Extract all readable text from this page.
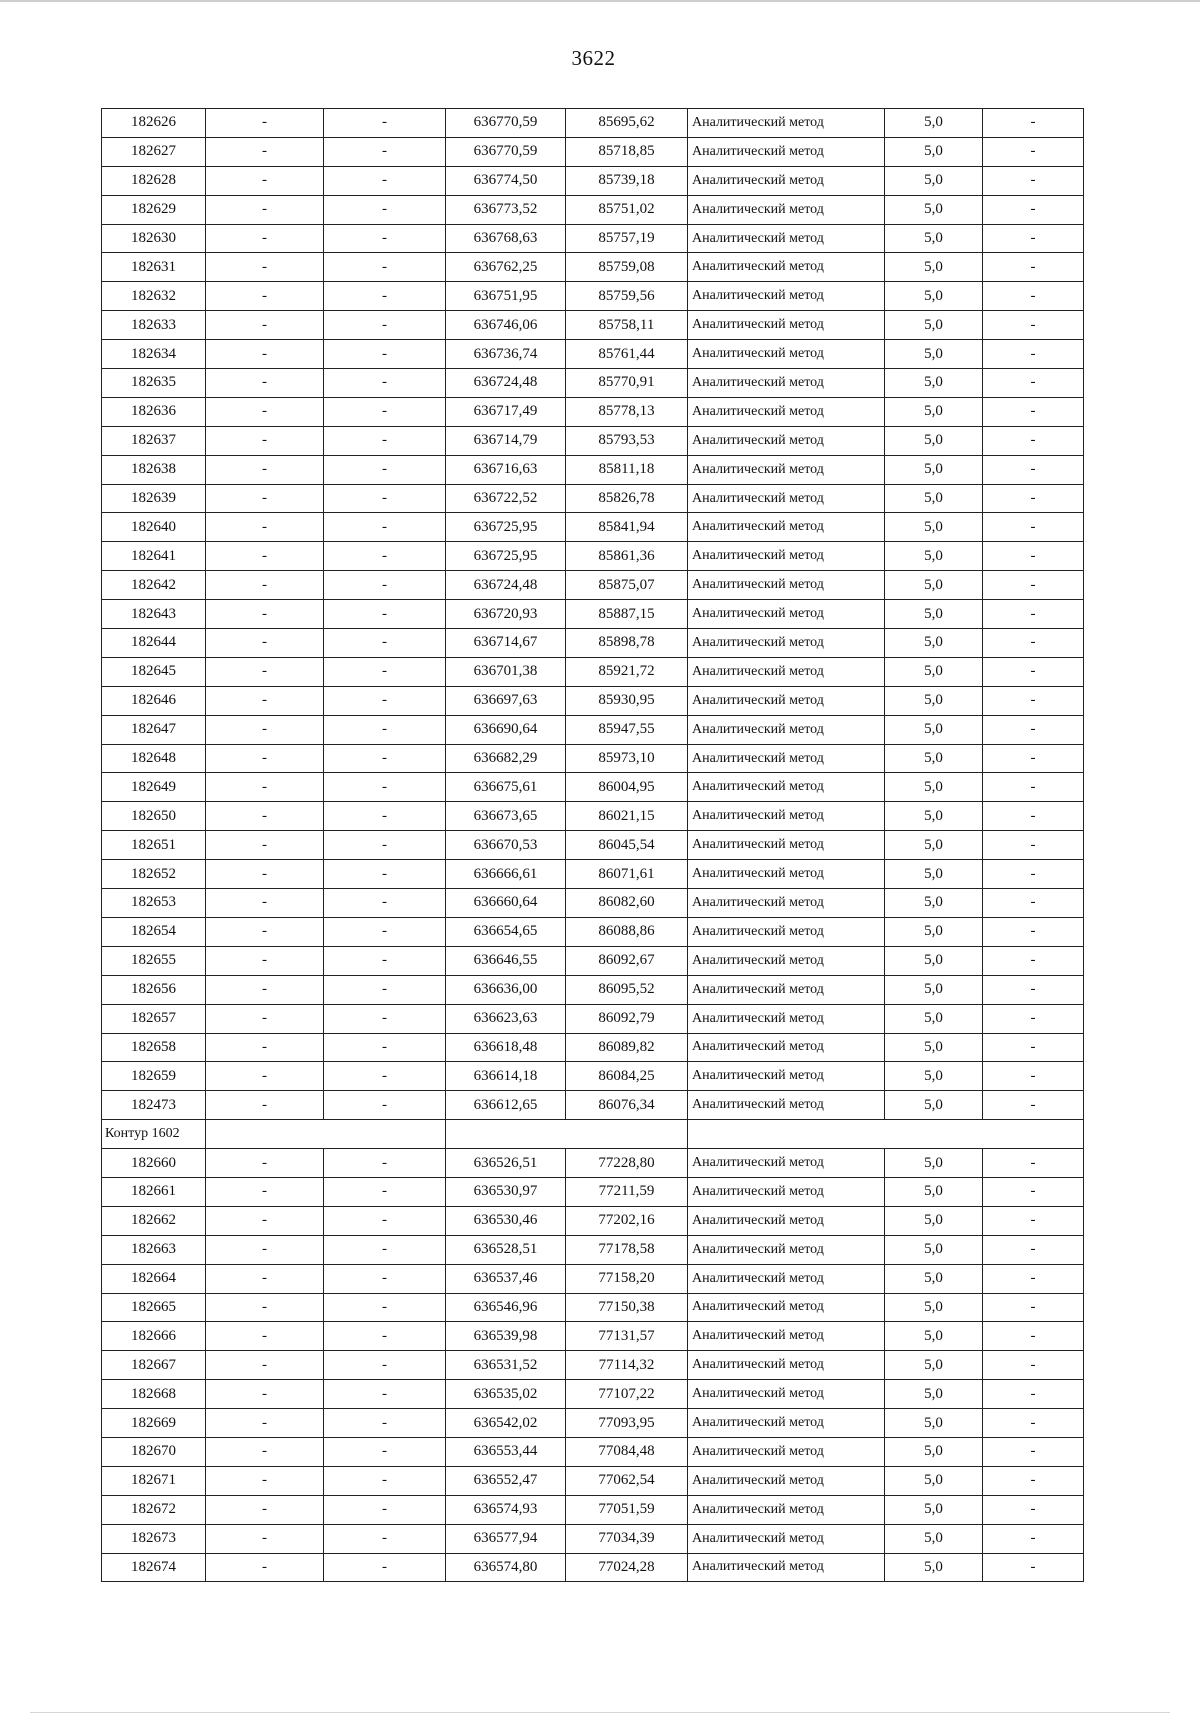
3622
182626	-	-	636770,59	85695,62	Аналитический метод	5,0	-
182627	-	-	636770,59	85718,85	Аналитический метод	5,0	-
182628	-	-	636774,50	85739,18	Аналитический метод	5,0	-
182629	-	-	636773,52	85751,02	Аналитический метод	5,0	-
182630	-	-	636768,63	85757,19	Аналитический метод	5,0	-
182631	-	-	636762,25	85759,08	Аналитический метод	5,0	-
182632	-	-	636751,95	85759,56	Аналитический метод	5,0	-
182633	-	-	636746,06	85758,11	Аналитический метод	5,0	-
182634	-	-	636736,74	85761,44	Аналитический метод	5,0	-
182635	-	-	636724,48	85770,91	Аналитический метод	5,0	-
182636	-	-	636717,49	85778,13	Аналитический метод	5,0	-
182637	-	-	636714,79	85793,53	Аналитический метод	5,0	-
182638	-	-	636716,63	85811,18	Аналитический метод	5,0	-
182639	-	-	636722,52	85826,78	Аналитический метод	5,0	-
182640	-	-	636725,95	85841,94	Аналитический метод	5,0	-
182641	-	-	636725,95	85861,36	Аналитический метод	5,0	-
182642	-	-	636724,48	85875,07	Аналитический метод	5,0	-
182643	-	-	636720,93	85887,15	Аналитический метод	5,0	-
182644	-	-	636714,67	85898,78	Аналитический метод	5,0	-
182645	-	-	636701,38	85921,72	Аналитический метод	5,0	-
182646	-	-	636697,63	85930,95	Аналитический метод	5,0	-
182647	-	-	636690,64	85947,55	Аналитический метод	5,0	-
182648	-	-	636682,29	85973,10	Аналитический метод	5,0	-
182649	-	-	636675,61	86004,95	Аналитический метод	5,0	-
182650	-	-	636673,65	86021,15	Аналитический метод	5,0	-
182651	-	-	636670,53	86045,54	Аналитический метод	5,0	-
182652	-	-	636666,61	86071,61	Аналитический метод	5,0	-
182653	-	-	636660,64	86082,60	Аналитический метод	5,0	-
182654	-	-	636654,65	86088,86	Аналитический метод	5,0	-
182655	-	-	636646,55	86092,67	Аналитический метод	5,0	-
182656	-	-	636636,00	86095,52	Аналитический метод	5,0	-
182657	-	-	636623,63	86092,79	Аналитический метод	5,0	-
182658	-	-	636618,48	86089,82	Аналитический метод	5,0	-
182659	-	-	636614,18	86084,25	Аналитический метод	5,0	-
182473	-	-	636612,65	86076,34	Аналитический метод	5,0	-
Контур 1602							
182660	-	-	636526,51	77228,80	Аналитический метод	5,0	-
182661	-	-	636530,97	77211,59	Аналитический метод	5,0	-
182662	-	-	636530,46	77202,16	Аналитический метод	5,0	-
182663	-	-	636528,51	77178,58	Аналитический метод	5,0	-
182664	-	-	636537,46	77158,20	Аналитический метод	5,0	-
182665	-	-	636546,96	77150,38	Аналитический метод	5,0	-
182666	-	-	636539,98	77131,57	Аналитический метод	5,0	-
182667	-	-	636531,52	77114,32	Аналитический метод	5,0	-
182668	-	-	636535,02	77107,22	Аналитический метод	5,0	-
182669	-	-	636542,02	77093,95	Аналитический метод	5,0	-
182670	-	-	636553,44	77084,48	Аналитический метод	5,0	-
182671	-	-	636552,47	77062,54	Аналитический метод	5,0	-
182672	-	-	636574,93	77051,59	Аналитический метод	5,0	-
182673	-	-	636577,94	77034,39	Аналитический метод	5,0	-
182674	-	-	636574,80	77024,28	Аналитический метод	5,0	-
